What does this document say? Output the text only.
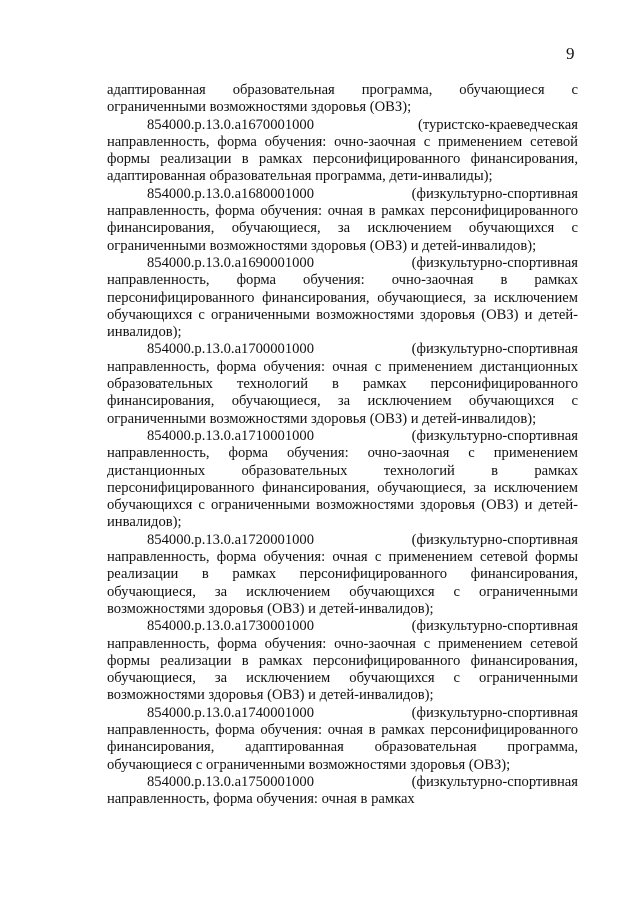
9

адаптированная образовательная программа, обучающиеся с ограниченными возможностями здоровья (ОВЗ);

854000.р.13.0.а1670001000	(туристско-краеведческая

направленность, форма обучения: очно-заочная с применением сетевой формы реализации в рамках персонифицированного финансирования, адаптированная образовательная программа, дети-инвалиды);

854000.р.13.0.а1680001000	(физкультурно-спортивная

направленность, форма обучения: очная в рамках персонифицированного финансирования, обучающиеся, за исключением обучающихся с ограниченными возможностями здоровья (ОВЗ) и детей-инвалидов);

854000.р.13.0.а1690001000	(физкультурно-спортивная

направленность, форма обучения: очно-заочная в рамках персонифицированного финансирования, обучающиеся, за исключением обучающихся с ограниченными возможностями здоровья (ОВЗ) и детей-инвалидов);

854000.р.13.0.а1700001000	(физкультурно-спортивная

направленность, форма обучения: очная с применением дистанционных образовательных технологий в рамках персонифицированного финансирования, обучающиеся, за исключением обучающихся с ограниченными возможностями здоровья (ОВЗ) и детей-инвалидов);

854000.р.13.0.а1710001000	(физкультурно-спортивная

направленность, форма обучения: очно-заочная с применением дистанционных образовательных технологий в рамках персонифицированного финансирования, обучающиеся, за исключением обучающихся с ограниченными возможностями здоровья (ОВЗ) и детей-инвалидов);

854000.р.13.0.а1720001000	(физкультурно-спортивная

направленность, форма обучения: очная с применением сетевой формы реализации в рамках персонифицированного финансирования, обучающиеся, за исключением обучающихся с ограниченными возможностями здоровья (ОВЗ) и детей-инвалидов);

854000.р.13.0.а1730001000	(физкультурно-спортивная

направленность, форма обучения: очно-заочная с применением сетевой формы реализации в рамках персонифицированного финансирования, обучающиеся, за исключением обучающихся с ограниченными возможностями здоровья (ОВЗ) и детей-инвалидов);

854000.р.13.0.а1740001000	(физкультурно-спортивная

направленность, форма обучения: очная в рамках персонифицированного финансирования, адаптированная образовательная программа, обучающиеся с ограниченными возможностями здоровья (ОВЗ);

854000.р.13.0.а1750001000	(физкультурно-спортивная

направленность, форма обучения: очная в рамках
